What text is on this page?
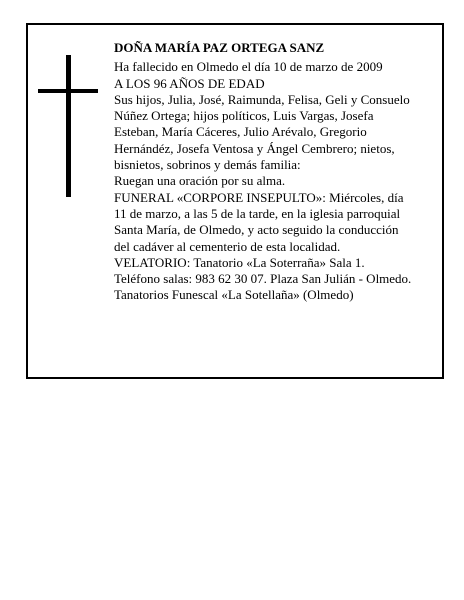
DOÑA MARÍA PAZ ORTEGA SANZ

Ha fallecido en Olmedo el día 10 de marzo de 2009

A LOS 96 AÑOS DE EDAD

Sus hijos, Julia, José, Raimunda, Felisa, Geli y Consuelo Núñez Ortega; hijos políticos, Luis Vargas, Josefa Esteban, María Cáceres, Julio Arévalo, Gregorio Hernándéz, Josefa Ventosa y Ángel Cembrero; nietos, bisnietos, sobrinos y demás familia:

Ruegan una oración por su alma.

FUNERAL «CORPORE INSEPULTO»: Miércoles, día 11 de marzo, a las 5 de la tarde, en la iglesia parroquial Santa María, de Olmedo, y acto seguido la conducción del cadáver al cementerio de esta localidad.

VELATORIO: Tanatorio «La Soterraña» Sala 1. Teléfono salas: 983 62 30 07. Plaza San Julián - Olmedo.

Tanatorios Funescal «La Sotellaña» (Olmedo)
